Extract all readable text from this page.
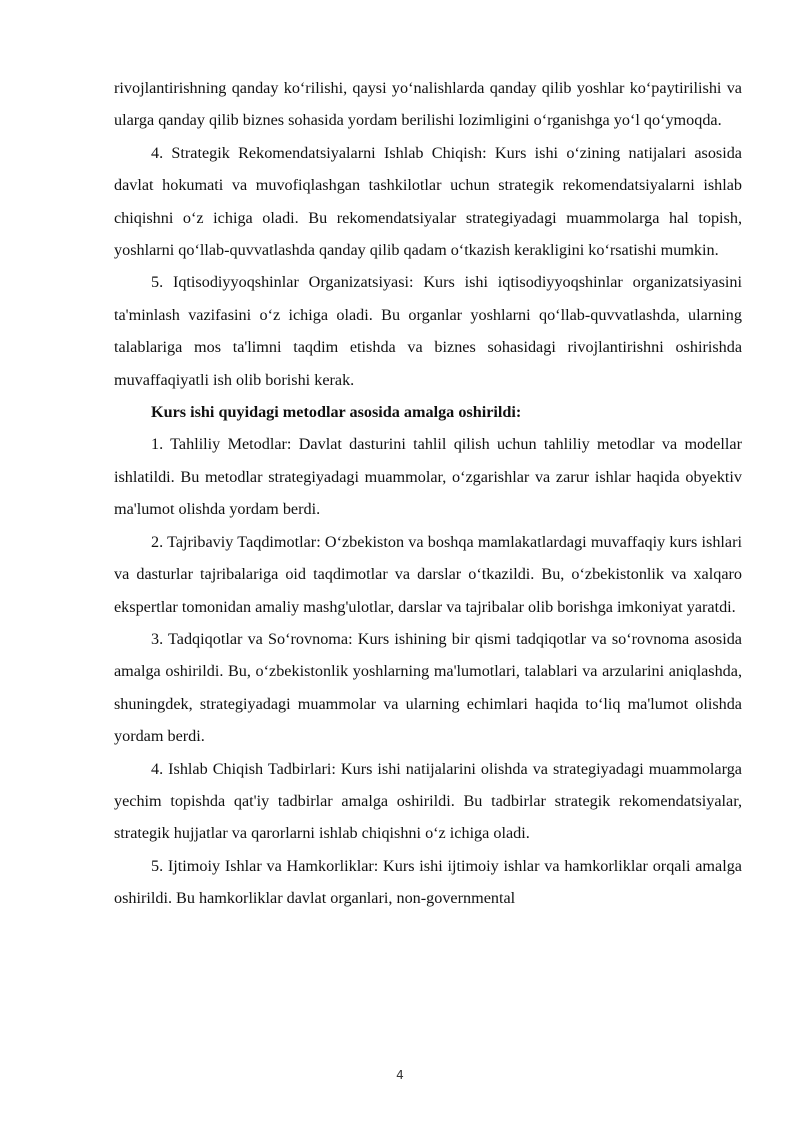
rivojlantirishning qanday ko‘rilishi, qaysi yo‘nalishlarda qanday qilib yoshlar ko‘paytirilishi va ularga qanday qilib biznes sohasida yordam berilishi lozimligini o‘rganishga yo‘l qo‘ymoqda.

4. Strategik Rekomendatsiyalarni Ishlab Chiqish: Kurs ishi o‘zining natijalari asosida davlat hokumati va muvofiqlashgan tashkilotlar uchun strategik rekomendatsiyalarni ishlab chiqishni o‘z ichiga oladi. Bu rekomendatsiyalar strategiyadagi muammolarga hal topish, yoshlarni qo‘llab-quvvatlashda qanday qilib qadam o‘tkazish kerakligini ko‘rsatishi mumkin.

5. Iqtisodiyyoqshinlar Organizatsiyasi: Kurs ishi iqtisodiyyoqshinlar organizatsiyasini ta'minlash vazifasini o‘z ichiga oladi. Bu organlar yoshlarni qo‘llab-quvvatlashda, ularning talablariga mos ta'limni taqdim etishda va biznes sohasidagi rivojlantirishni oshirishda muvaffaqiyatli ish olib borishi kerak.

Kurs ishi quyidagi metodlar asosida amalga oshirildi:

1. Tahliliy Metodlar: Davlat dasturini tahlil qilish uchun tahliliy metodlar va modellar ishlatildi. Bu metodlar strategiyadagi muammolar, o‘zgarishlar va zarur ishlar haqida obyektiv ma'lumot olishda yordam berdi.

2. Tajribaviy Taqdimotlar: O‘zbekiston va boshqa mamlakatlardagi muvaffaqiy kurs ishlari va dasturlar tajribalariga oid taqdimotlar va darslar o‘tkazildi. Bu, o‘zbekistonlik va xalqaro ekspertlar tomonidan amaliy mashg'ulotlar, darslar va tajribalar olib borishga imkoniyat yaratdi.

3. Tadqiqotlar va So‘rovnoma: Kurs ishining bir qismi tadqiqotlar va so‘rovnoma asosida amalga oshirildi. Bu, o‘zbekistonlik yoshlarning ma'lumotlari, talablari va arzularini aniqlashda, shuningdek, strategiyadagi muammolar va ularning echimlari haqida to‘liq ma'lumot olishda yordam berdi.

4. Ishlab Chiqish Tadbirlari: Kurs ishi natijalarini olishda va strategiyadagi muammolarga yechim topishda qat'iy tadbirlar amalga oshirildi. Bu tadbirlar strategik rekomendatsiyalar, strategik hujjatlar va qarorlarni ishlab chiqishni o‘z ichiga oladi.

5. Ijtimoiy Ishlar va Hamkorliklar: Kurs ishi ijtimoiy ishlar va hamkorliklar orqali amalga oshirildi. Bu hamkorliklar davlat organlari, non-governmental

4
